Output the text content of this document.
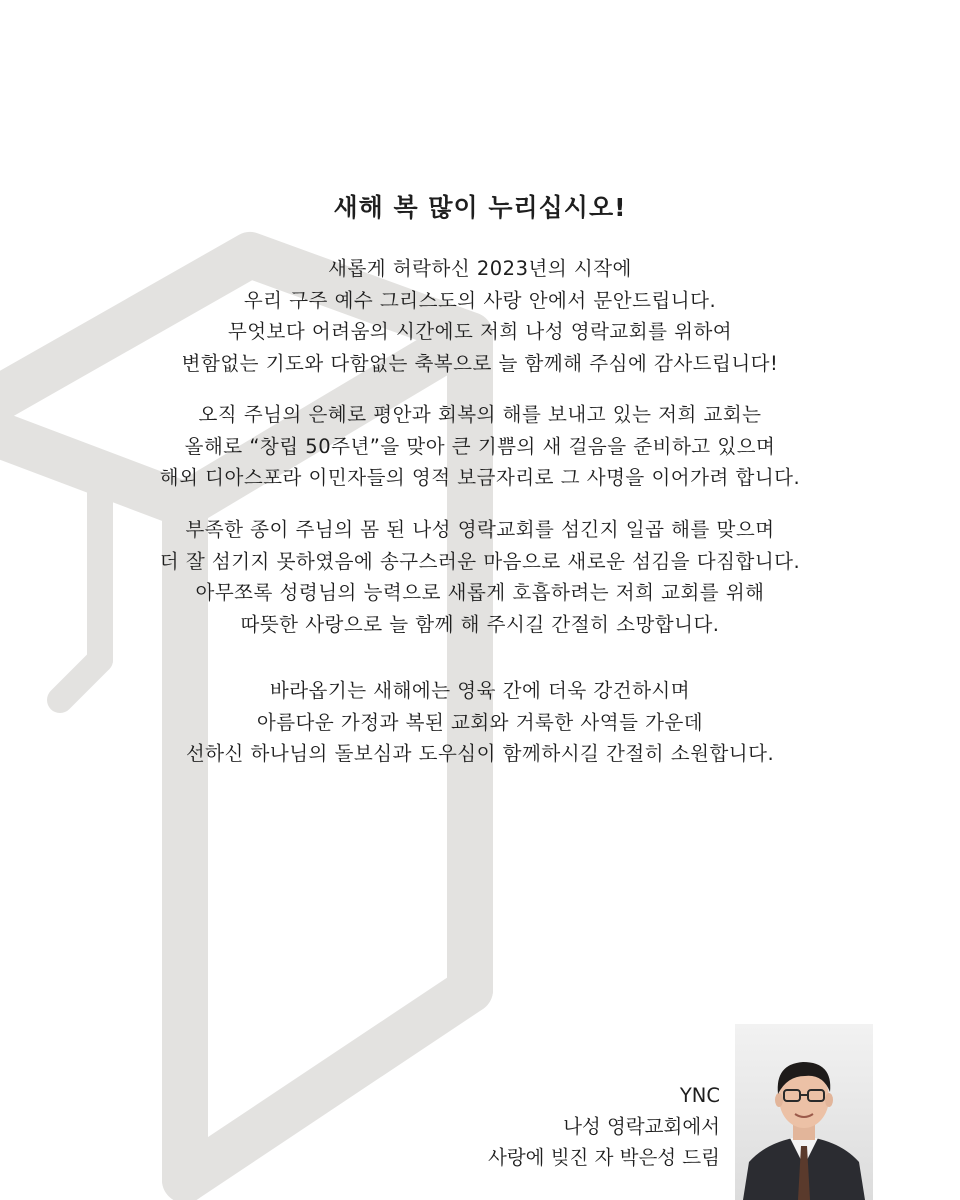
새해 복 많이 누리십시오!

새롭게 허락하신 2023년의 시작에
우리 구주 예수 그리스도의 사랑 안에서 문안드립니다.
무엇보다 어려움의 시간에도 저희 나성 영락교회를 위하여
변함없는 기도와 다함없는 축복으로 늘 함께해 주심에 감사드립니다!

오직 주님의 은혜로 평안과 회복의 해를 보내고 있는 저희 교회는
올해로 “창립 50주년”을 맞아 큰 기쁨의 새 걸음을 준비하고 있으며
해외 디아스포라 이민자들의 영적 보금자리로 그 사명을 이어가려 합니다.

부족한 종이 주님의 몸 된 나성 영락교회를 섬긴지 일곱 해를 맞으며
더 잘 섬기지 못하였음에 송구스러운 마음으로 새로운 섬김을 다짐합니다.
아무쪼록 성령님의 능력으로 새롭게 호흡하려는 저희 교회를 위해
따뜻한 사랑으로 늘 함께 해 주시길 간절히 소망합니다.

바라옵기는 새해에는 영육 간에 더욱 강건하시며
아름다운 가정과 복된 교회와 거룩한 사역들 가운데
선하신 하나님의 돌보심과 도우심이 함께하시길 간절히 소원합니다.

YNC
나성 영락교회에서
사랑에 빚진 자 박은성 드림
